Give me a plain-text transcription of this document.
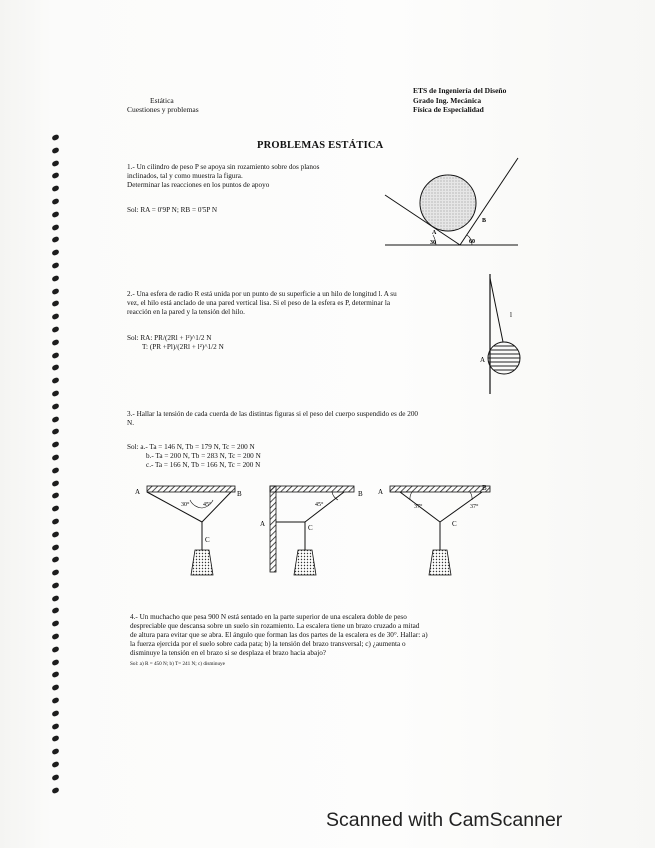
Estática
Cuestiones y problemas
ETS de Ingeniería del Diseño
Grado Ing. Mecánica
Física de Especialidad
PROBLEMAS ESTÁTICA
1.- Un cilindro de peso P se apoya sin rozamiento sobre dos planos
inclinados, tal y como muestra la figura.
Determinar las reacciones en los puntos de apoyo
Sol: RA = 0'9P N; RB = 0'5P N
A
B
30	60
2.- Una esfera de radio R está unida por un punto de su superficie a un hilo de longitud l. A su
vez, el hilo está anclado de una pared vertical lisa. Si el peso de la esfera es P, determinar la
reacción en la pared y la tensión del hilo.
Sol: RA: PR/(2Rl + l²)^1/2 N
T: (PR +Pl)/(2Rl + l²)^1/2 N
l
A
3.- Hallar la tensión de cada cuerda de las distintas figuras si el peso del cuerpo suspendido es de 200
N.
Sol: a.- Ta = 146 N, Tb = 179 N, Tc = 200 N
b.- Ta = 200 N, Tb = 283 N, Tc = 200 N
c.- Ta = 166 N, Tb = 166 N, Tc = 200 N
A	B
C
30° 45°
A
B
C
45°
A	B
C
37°	37°
4.- Un muchacho que pesa 900 N está sentado en la parte superior de una escalera doble de peso
despreciable que descansa sobre un suelo sin rozamiento. La escalera tiene un brazo cruzado a mitad
de altura para evitar que se abra. El ángulo que forman las dos partes de la escalera es de 30°. Hallar: a)
la fuerza ejercida por el suelo sobre cada pata; b) la tensión del brazo transversal; c) ¿aumenta o
disminuye la tensión en el brazo si se desplaza el brazo hacia abajo?
Sol: a) R = 450 N; b) T= 241 N; c) disminuye
Scanned with CamScanner
